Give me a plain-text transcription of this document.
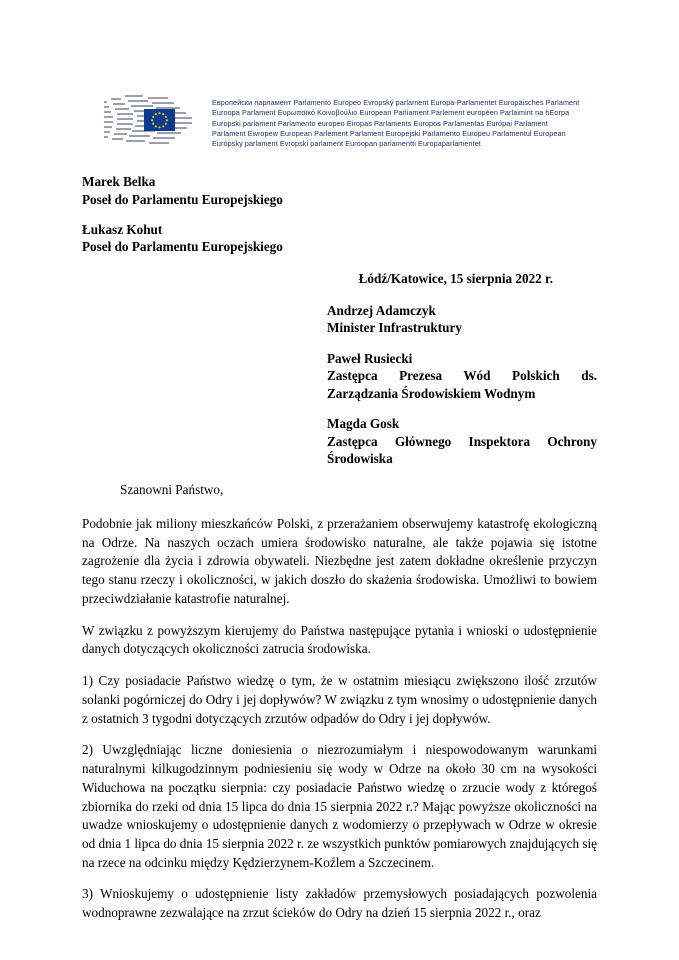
Европейски парламент Parlamento Europeo Evropský parlament Europa-Parlamentet Europäisches Parlament
Euroopa Parlament Ευρωπαϊκό Κοινοβούλιο European Parliament Parlement européen Parlaimint na hEorpa
Europski parlament Parlamento europeo Eiropas Parlaments Europos Parlamentas Európai Parlament
Parlament Ewropew European Parlement Parlament Europejski Parlamento Europeu Parlamentul European
Európsky parlament Evropski parlament Euroopan parlamentti Europaparlamentet
Marek Belka
Poseł do Parlamentu Europejskiego
Łukasz Kohut
Poseł do Parlamentu Europejskiego
Łódź/Katowice, 15 sierpnia 2022 r.
Andrzej Adamczyk
Minister Infrastruktury
Paweł Rusiecki
Zastępca Prezesa Wód Polskich ds. Zarządzania Środowiskiem Wodnym
Magda Gosk
Zastępca Głównego Inspektora Ochrony Środowiska
Szanowni Państwo,

Podobnie jak miliony mieszkańców Polski, z przerażaniem obserwujemy katastrofę ekologiczną na Odrze. Na naszych oczach umiera środowisko naturalne, ale także pojawia się istotne zagrożenie dla życia i zdrowia obywateli. Niezbędne jest zatem dokładne określenie przyczyn tego stanu rzeczy i okoliczności, w jakich doszło do skażenia środowiska. Umożliwi to bowiem przeciwdziałanie katastrofie naturalnej.

W związku z powyższym kierujemy do Państwa następujące pytania i wnioski o udostępnienie danych dotyczących okoliczności zatrucia środowiska.

1) Czy posiadacie Państwo wiedzę o tym, że w ostatnim miesiącu zwiększono ilość zrzutów solanki pogórniczej do Odry i jej dopływów? W związku z tym wnosimy o udostępnienie danych z ostatnich 3 tygodni dotyczących zrzutów odpadów do Odry i jej dopływów.

2) Uwzględniając liczne doniesienia o niezrozumiałym i niespowodowanym warunkami naturalnymi kilkugodzinnym podniesieniu się wody w Odrze na około 30 cm na wysokości Widuchowa na początku sierpnia: czy posiadacie Państwo wiedzę o zrzucie wody z któregoś zbiornika do rzeki od dnia 15 lipca do dnia 15 sierpnia 2022 r.? Mając powyższe okoliczności na uwadze wnioskujemy o udostępnienie danych z wodomierzy o przepływach w Odrze w okresie od dnia 1 lipca do dnia 15 sierpnia 2022 r. ze wszystkich punktów pomiarowych znajdujących się na rzece na odcinku między Kędzierzynem-Koźlem a Szczecinem.

3) Wnioskujemy o udostępnienie listy zakładów przemysłowych posiadających pozwolenia wodnoprawne zezwalające na zrzut ścieków do Odry na dzień 15 sierpnia 2022 r., oraz
